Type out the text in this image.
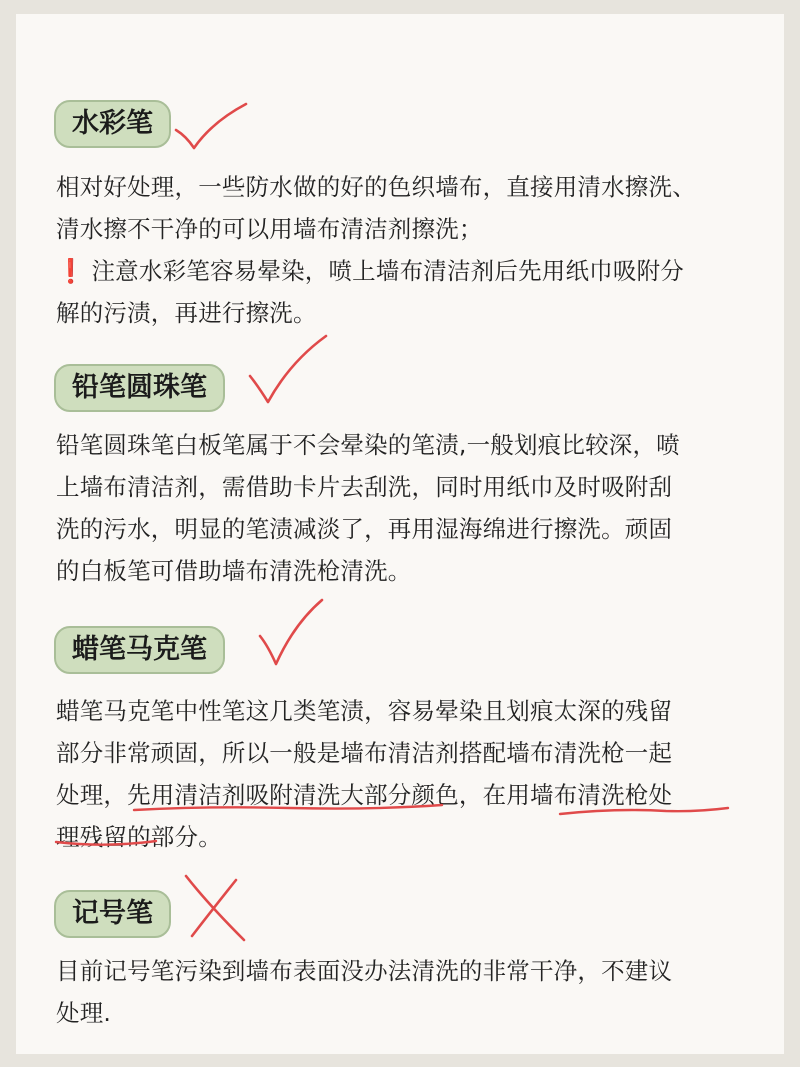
水彩笔
相对好处理，一些防水做的好的色织墙布，直接用清水擦洗、
清水擦不干净的可以用墙布清洁剂擦洗；
❗ 注意水彩笔容易晕染，喷上墙布清洁剂后先用纸巾吸附分
解的污渍，再进行擦洗。
铅笔圆珠笔
铅笔圆珠笔白板笔属于不会晕染的笔渍,一般划痕比较深，喷
上墙布清洁剂，需借助卡片去刮洗，同时用纸巾及时吸附刮
洗的污水，明显的笔渍减淡了，再用湿海绵进行擦洗。顽固
的白板笔可借助墙布清洗枪清洗。
蜡笔马克笔
蜡笔马克笔中性笔这几类笔渍，容易晕染且划痕太深的残留
部分非常顽固，所以一般是墙布清洁剂搭配墙布清洗枪一起
处理，先用清洁剂吸附清洗大部分颜色，在用墙布清洗枪处
理残留的部分。
记号笔
目前记号笔污染到墙布表面没办法清洗的非常干净，不建议
处理.
